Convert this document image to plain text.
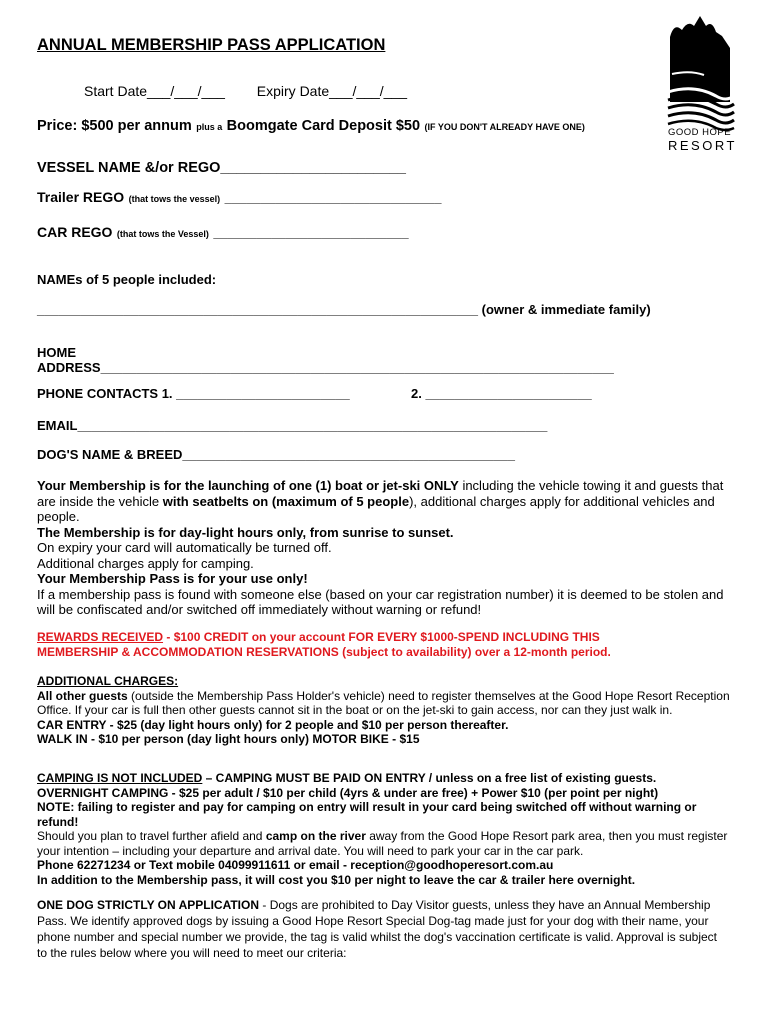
ANNUAL MEMBERSHIP PASS APPLICATION
GOOD HOPE
RESORT
Start Date___/___/___ Expiry Date___/___/___
Price: $500 per annum plus a Boomgate Card Deposit $50 (IF YOU DON'T ALREADY HAVE ONE)
VESSEL NAME &/or REGO_______________________
Trailer REGO (that tows the vessel) ______________________________
CAR REGO (that tows the Vessel) ___________________________
NAMEs of 5 people included:
_____________________________________________________________ (owner & immediate family)
HOME
ADDRESS_______________________________________________________________________
PHONE CONTACTS 1. ________________________	2. _______________________
EMAIL_________________________________________________________________
DOG'S NAME & BREED______________________________________________
Your Membership is for the launching of one (1) boat or jet-ski ONLY including the vehicle towing it and guests that are inside the vehicle with seatbelts on (maximum of 5 people), additional charges apply for additional vehicles and people.
The Membership is for day-light hours only, from sunrise to sunset.
On expiry your card will automatically be turned off.
Additional charges apply for camping.
Your Membership Pass is for your use only!
If a membership pass is found with someone else (based on your car registration number) it is deemed to be stolen and will be confiscated and/or switched off immediately without warning or refund!
REWARDS RECEIVED - $100 CREDIT on your account FOR EVERY $1000-SPEND INCLUDING THIS MEMBERSHIP & ACCOMMODATION RESERVATIONS (subject to availability) over a 12-month period.
ADDITIONAL CHARGES:
All other guests (outside the Membership Pass Holder's vehicle) need to register themselves at the Good Hope Resort Reception Office. If your car is full then other guests cannot sit in the boat or on the jet-ski to gain access, nor can they just walk in.
CAR ENTRY - $25 (day light hours only) for 2 people and $10 per person thereafter.
WALK IN - $10 per person (day light hours only) MOTOR BIKE - $15
CAMPING IS NOT INCLUDED – CAMPING MUST BE PAID ON ENTRY / unless on a free list of existing guests.
OVERNIGHT CAMPING - $25 per adult / $10 per child (4yrs & under are free) + Power $10 (per point per night)
NOTE: failing to register and pay for camping on entry will result in your card being switched off without warning or refund!
Should you plan to travel further afield and camp on the river away from the Good Hope Resort park area, then you must register your intention – including your departure and arrival date. You will need to park your car in the car park.
Phone 62271234 or Text mobile 04099911611 or email - reception@goodhoperesort.com.au
In addition to the Membership pass, it will cost you $10 per night to leave the car & trailer here overnight.
ONE DOG STRICTLY ON APPLICATION - Dogs are prohibited to Day Visitor guests, unless they have an Annual Membership Pass. We identify approved dogs by issuing a Good Hope Resort Special Dog-tag made just for your dog with their name, your phone number and special number we provide, the tag is valid whilst the dog's vaccination certificate is valid. Approval is subject to the rules below where you will need to meet our criteria:
